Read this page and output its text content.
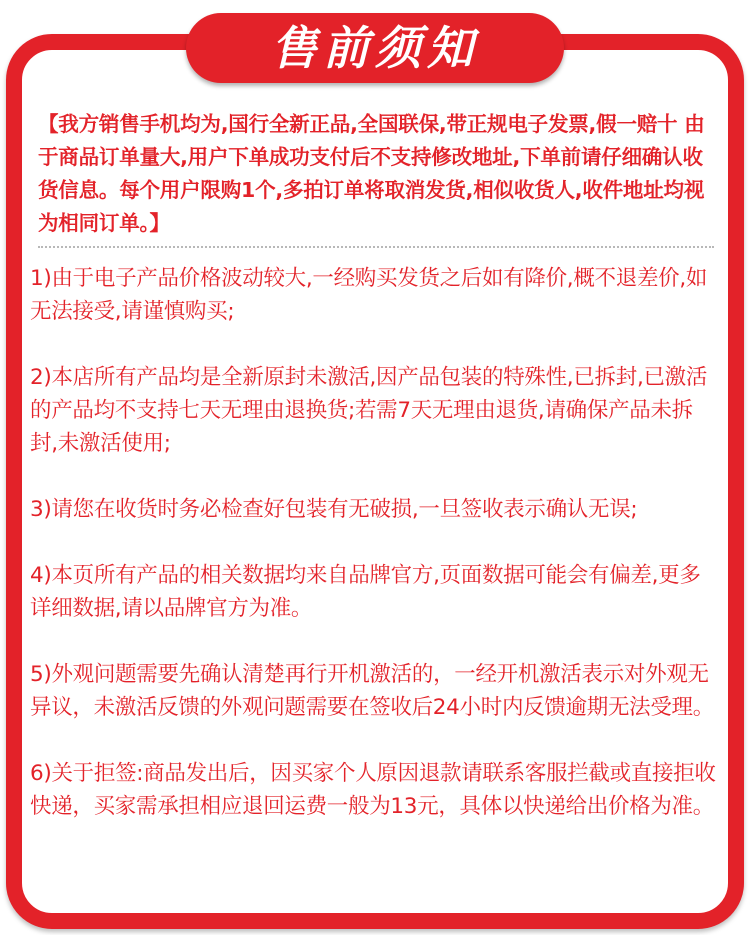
售前须知
【我方销售手机均为,国行全新正品,全国联保,带正规电子发票,假一赔十 由于商品订单量大,用户下单成功支付后不支持修改地址,下单前请仔细确认收货信息。每个用户限购1个,多拍订单将取消发货,相似收货人,收件地址均视为相同订单。】

1)由于电子产品价格波动较大,一经购买发货之后如有降价,概不退差价,如无法接受,请谨慎购买;

2)本店所有产品均是全新原封未激活,因产品包装的特殊性,已拆封,已激活的产品均不支持七天无理由退换货;若需7天无理由退货,请确保产品未拆封,未激活使用;

3)请您在收货时务必检查好包装有无破损,一旦签收表示确认无误;

4)本页所有产品的相关数据均来自品牌官方,页面数据可能会有偏差,更多详细数据,请以品牌官方为准。

5)外观问题需要先确认清楚再行开机激活的，一经开机激活表示对外观无异议，未激活反馈的外观问题需要在签收后24小时内反馈逾期无法受理。

6)关于拒签:商品发出后，因买家个人原因退款请联系客服拦截或直接拒收快递，买家需承担相应退回运费一般为13元，具体以快递给出价格为准。
